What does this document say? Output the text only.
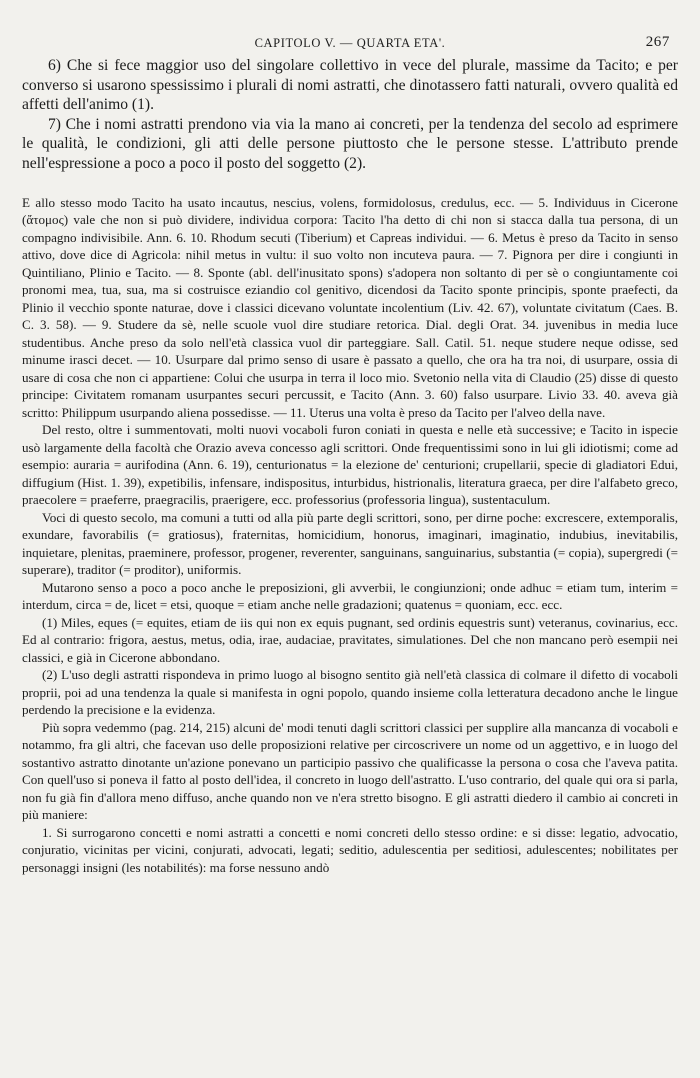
CAPITOLO V. — QUARTA ETA'.	267

6) Che si fece maggior uso del singolare collettivo in vece del plurale, massime da Tacito; e per converso si usarono spessissimo i plurali di nomi astratti, che dinotassero fatti naturali, ovvero qualità ed affetti dell'animo (1).

7) Che i nomi astratti prendono via via la mano ai concreti, per la tendenza del secolo ad esprimere le qualità, le condizioni, gli atti delle persone piuttosto che le persone stesse. L'attributo prende nell'espressione a poco a poco il posto del soggetto (2).

E allo stesso modo Tacito ha usato incautus, nescius, volens, formidolosus, credulus, ecc. — 5. Individuus in Cicerone (ἄτομος) vale che non si può dividere, individua corpora: Tacito l'ha detto di chi non si stacca dalla tua persona, di un compagno indivisibile. Ann. 6. 10. Rhodum secuti (Tiberium) et Capreas individui. — 6. Metus è preso da Tacito in senso attivo, dove dice di Agricola: nihil metus in vultu: il suo volto non incuteva paura. — 7. Pignora per dire i congiunti in Quintiliano, Plinio e Tacito. — 8. Sponte (abl. dell'inusitato spons) s'adopera non soltanto di per sè o congiuntamente coi pronomi mea, tua, sua, ma si costruisce eziandio col genitivo, dicendosi da Tacito sponte principis, sponte praefecti, da Plinio il vecchio sponte naturae, dove i classici dicevano voluntate incolentium (Liv. 42. 67), voluntate civitatum (Caes. B. C. 3. 58). — 9. Studere da sè, nelle scuole vuol dire studiare retorica. Dial. degli Orat. 34. juvenibus in media luce studentibus. Anche preso da solo nell'età classica vuol dir parteggiare. Sall. Catil. 51. neque studere neque odisse, sed minume irasci decet. — 10. Usurpare dal primo senso di usare è passato a quello, che ora ha tra noi, di usurpare, ossia di usare di cosa che non ci appartiene: Colui che usurpa in terra il loco mio. Svetonio nella vita di Claudio (25) disse di questo principe: Civitatem romanam usurpantes securi percussit, e Tacito (Ann. 3. 60) falso usurpare. Livio 33. 40. aveva già scritto: Philippum usurpando aliena possedisse. — 11. Uterus una volta è preso da Tacito per l'alveo della nave.

Del resto, oltre i summentovati, molti nuovi vocaboli furon coniati in questa e nelle età successive; e Tacito in ispecie usò largamente della facoltà che Orazio aveva concesso agli scrittori. Onde frequentissimi sono in lui gli idiotismi; come ad esempio: auraria = aurifodina (Ann. 6. 19), centurionatus = la elezione de' centurioni; crupellarii, specie di gladiatori Edui, diffugium (Hist. 1. 39), expetibilis, infensare, indispositus, inturbidus, histrionalis, literatura graeca, per dire l'alfabeto greco, praecolere = praeferre, praegracilis, praerigere, ecc. professorius (professoria lingua), sustentaculum.

Voci di questo secolo, ma comuni a tutti od alla più parte degli scrittori, sono, per dirne poche: excrescere, extemporalis, exundare, favorabilis (= gratiosus), fraternitas, homicidium, honorus, imaginari, imaginatio, indubius, inevitabilis, inquietare, plenitas, praeminere, professor, progener, reverenter, sanguinans, sanguinarius, substantia (= copia), supergredi (= superare), traditor (= proditor), uniformis.

Mutarono senso a poco a poco anche le preposizioni, gli avverbii, le congiunzioni; onde adhuc = etiam tum, interim = interdum, circa = de, licet = etsi, quoque = etiam anche nelle gradazioni; quatenus = quoniam, ecc. ecc.

(1) Miles, eques (= equites, etiam de iis qui non ex equis pugnant, sed ordinis equestris sunt) veteranus, covinarius, ecc. Ed al contrario: frigora, aestus, metus, odia, irae, audaciae, pravitates, simulationes. Del che non mancano però esempii nei classici, e già in Cicerone abbondano.

(2) L'uso degli astratti rispondeva in primo luogo al bisogno sentito già nell'età classica di colmare il difetto di vocaboli proprii, poi ad una tendenza la quale si manifesta in ogni popolo, quando insieme colla letteratura decadono anche le lingue perdendo la precisione e la evidenza.

Più sopra vedemmo (pag. 214, 215) alcuni de' modi tenuti dagli scrittori classici per supplire alla mancanza di vocaboli e notammo, fra gli altri, che facevan uso delle proposizioni relative per circoscrivere un nome od un aggettivo, e in luogo del sostantivo astratto dinotante un'azione ponevano un participio passivo che qualificasse la persona o cosa che l'aveva patita. Con quell'uso si poneva il fatto al posto dell'idea, il concreto in luogo dell'astratto. L'uso contrario, del quale qui ora si parla, non fu già fin d'allora meno diffuso, anche quando non ve n'era stretto bisogno. E gli astratti diedero il cambio ai concreti in più maniere:

1. Si surrogarono concetti e nomi astratti a concetti e nomi concreti dello stesso ordine: e si disse: legatio, advocatio, conjuratio, vicinitas per vicini, conjurati, advocati, legati; seditio, adulescentia per seditiosi, adulescentes; nobilitates per personaggi insigni (les notabilités): ma forse nessuno andò
